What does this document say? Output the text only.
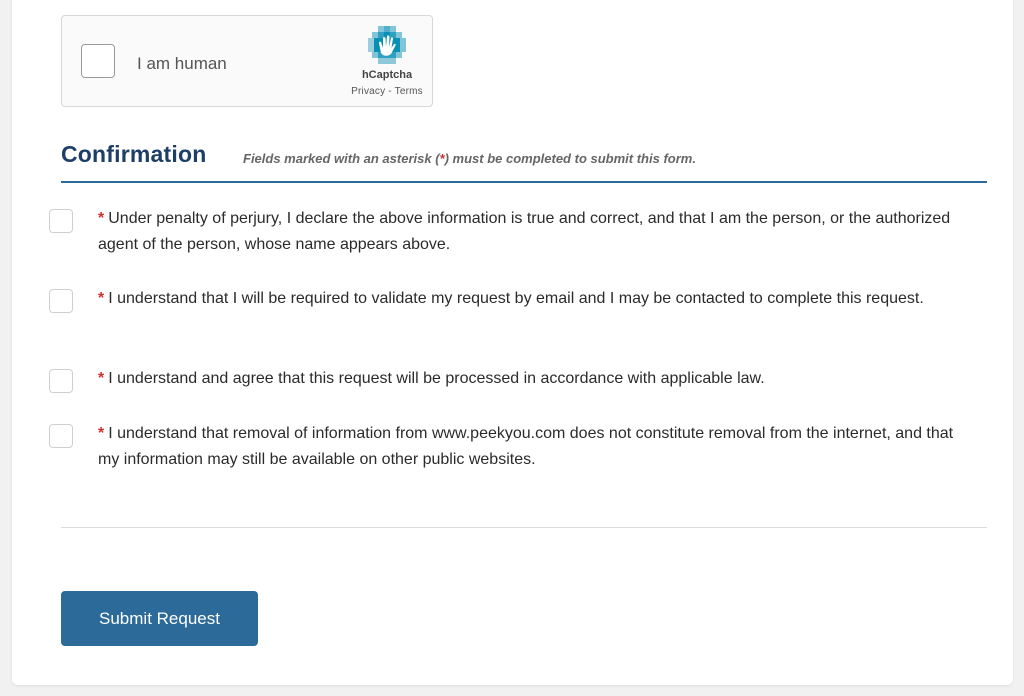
I am human
hCaptcha
Privacy - Terms
Confirmation	Fields marked with an asterisk (*) must be completed to submit this form.
* Under penalty of perjury, I declare the above information is true and correct, and that I am the person, or the authorized agent of the person, whose name appears above.
* I understand that I will be required to validate my request by email and I may be contacted to complete this request.
* I understand and agree that this request will be processed in accordance with applicable law.
* I understand that removal of information from www.peekyou.com does not constitute removal from the internet, and that my information may still be available on other public websites.
Submit Request
